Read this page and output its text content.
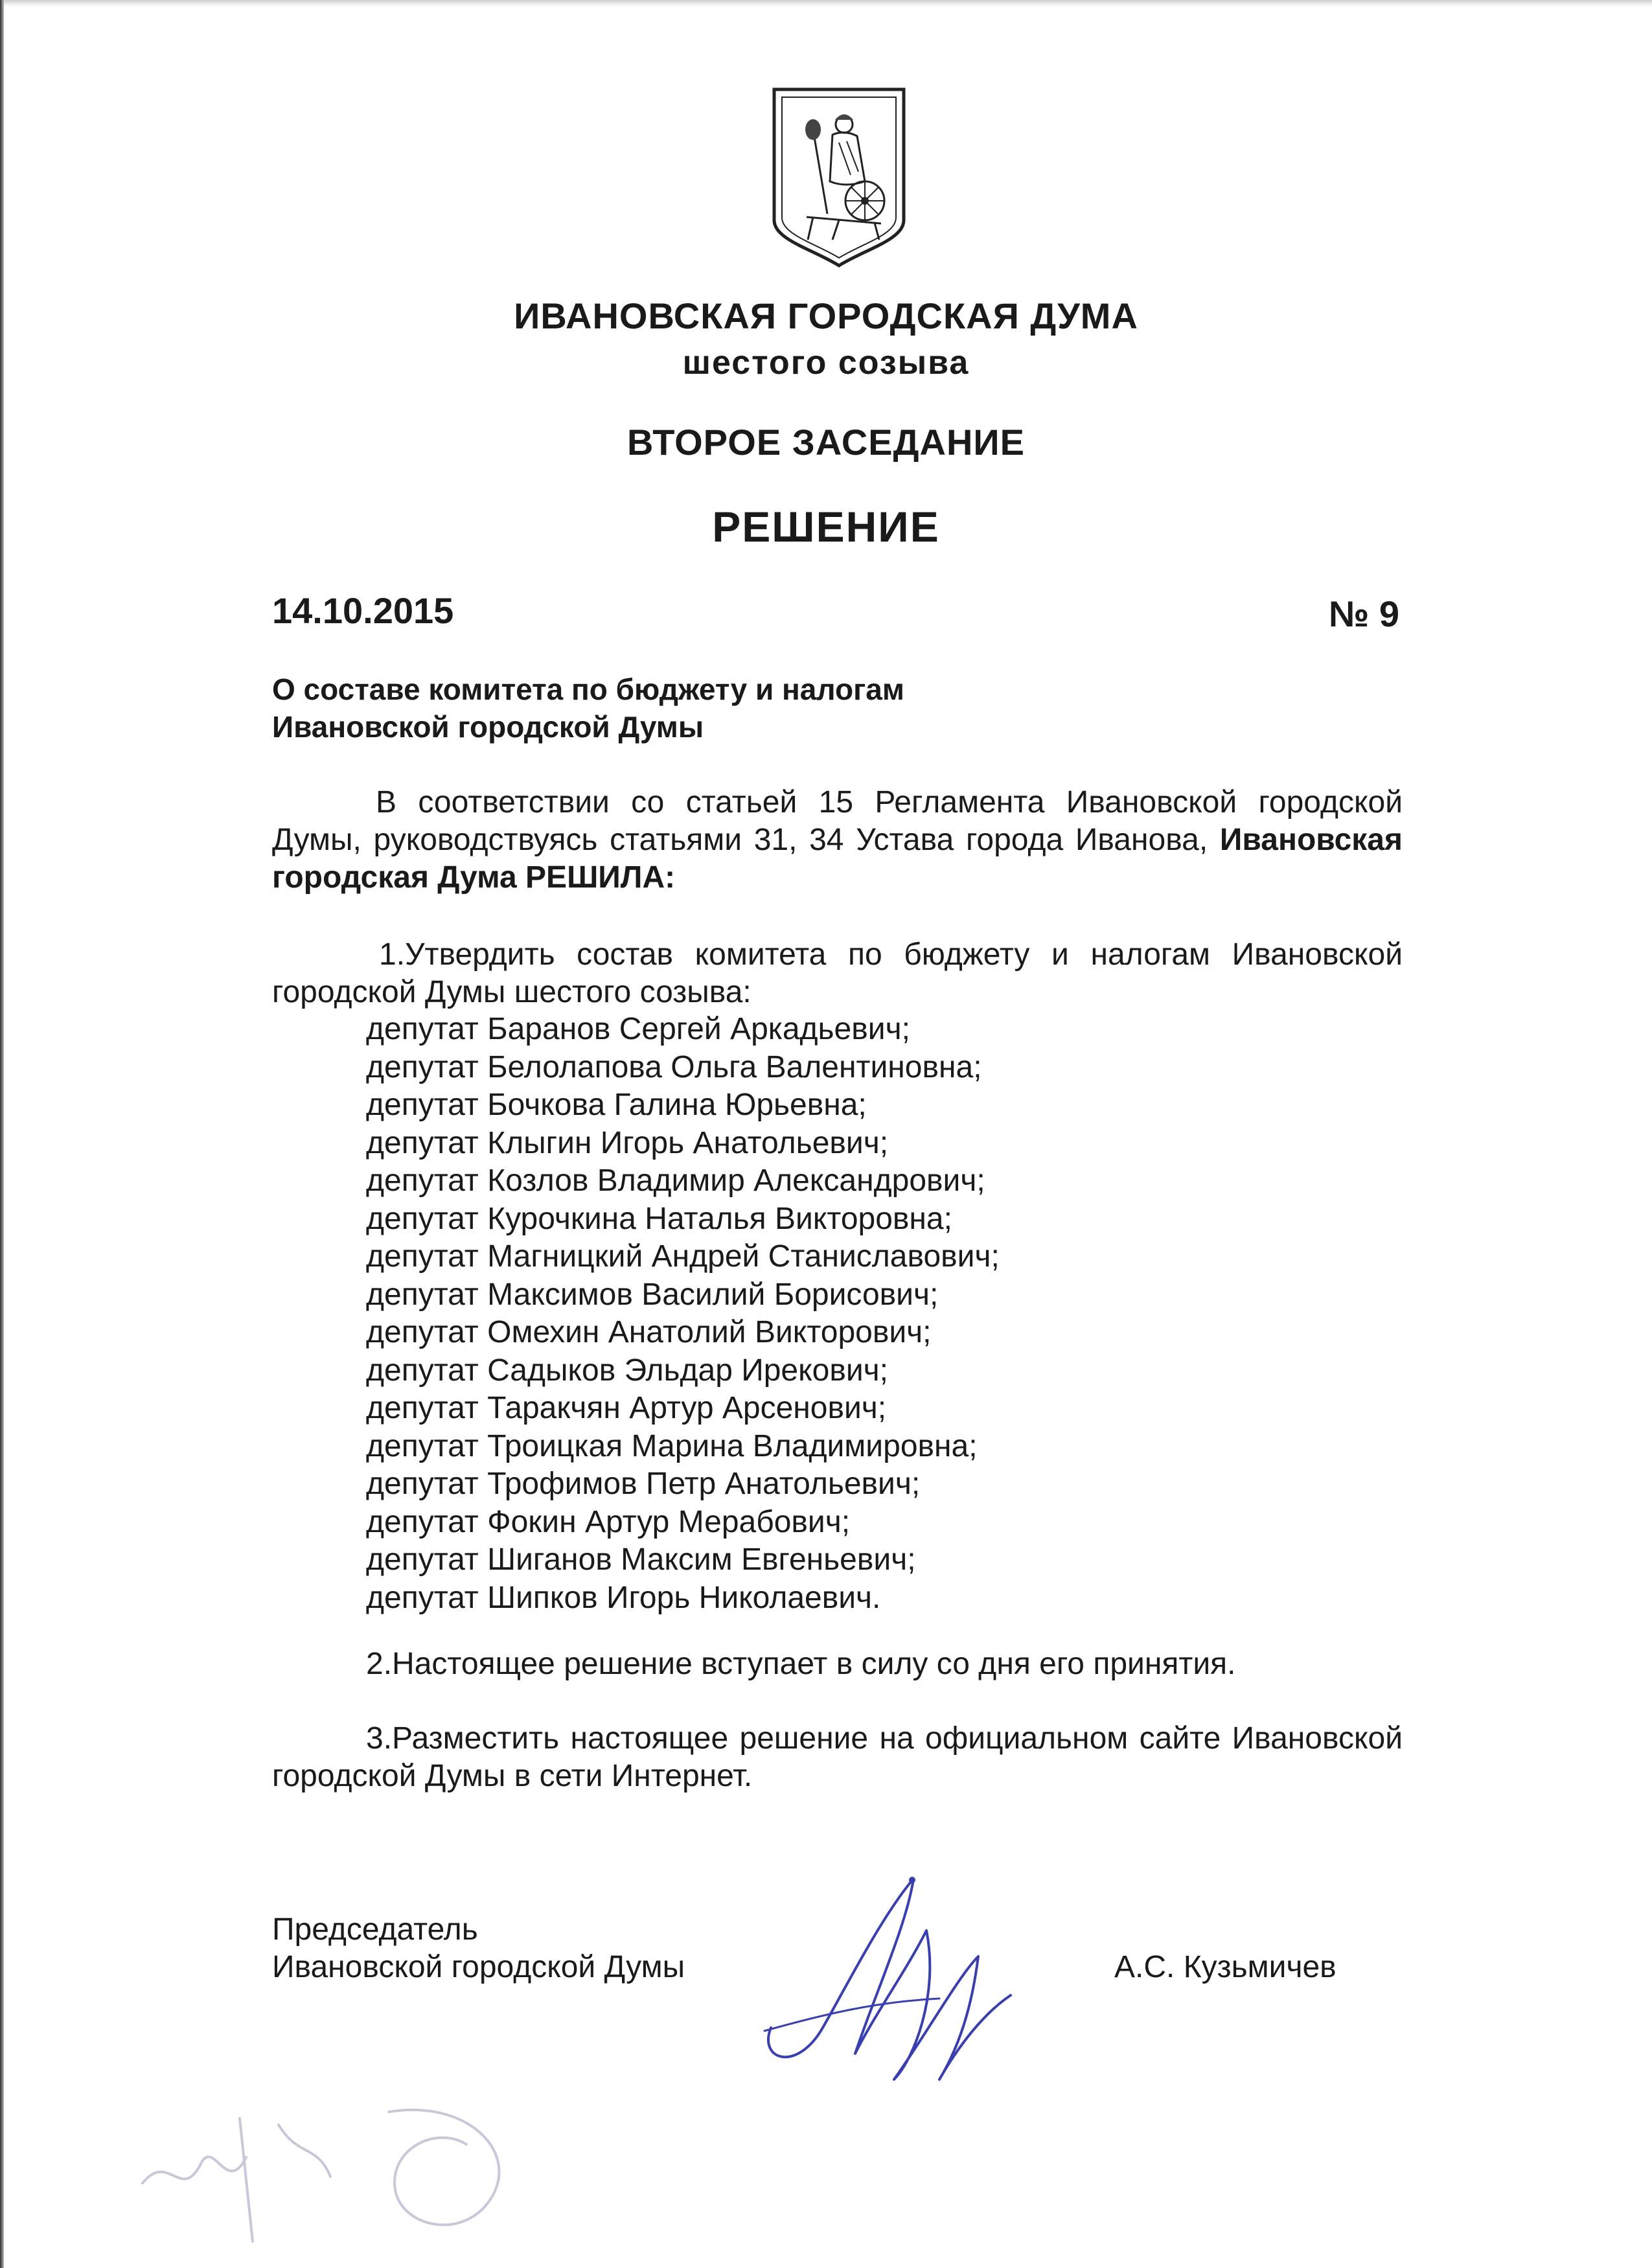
ИВАНОВСКАЯ ГОРОДСКАЯ ДУМА
шестого созыва
ВТОРОЕ ЗАСЕДАНИЕ
РЕШЕНИЕ
14.10.2015	№ 9
О составе комитета по бюджету и налогам
Ивановской городской Думы
В соответствии со статьей 15 Регламента Ивановской городской Думы, руководствуясь статьями 31, 34 Устава города Иванова, Ивановская городская Дума РЕШИЛА:
1.Утвердить состав комитета по бюджету и налогам Ивановской городской Думы шестого созыва:
депутат Баранов Сергей Аркадьевич;
депутат Белолапова Ольга Валентиновна;
депутат Бочкова Галина Юрьевна;
депутат Клыгин Игорь Анатольевич;
депутат Козлов Владимир Александрович;
депутат Курочкина Наталья Викторовна;
депутат Магницкий Андрей Станиславович;
депутат Максимов Василий Борисович;
депутат Омехин Анатолий Викторович;
депутат Садыков Эльдар Ирекович;
депутат Таракчян Артур Арсенович;
депутат Троицкая Марина Владимировна;
депутат Трофимов Петр Анатольевич;
депутат Фокин Артур Мерабович;
депутат Шиганов Максим Евгеньевич;
депутат Шипков Игорь Николаевич.
2.Настоящее решение вступает в силу со дня его принятия.
3.Разместить настоящее решение на официальном сайте Ивановской городской Думы в сети Интернет.
Председатель
Ивановской городской Думы	А.С. Кузьмичев
